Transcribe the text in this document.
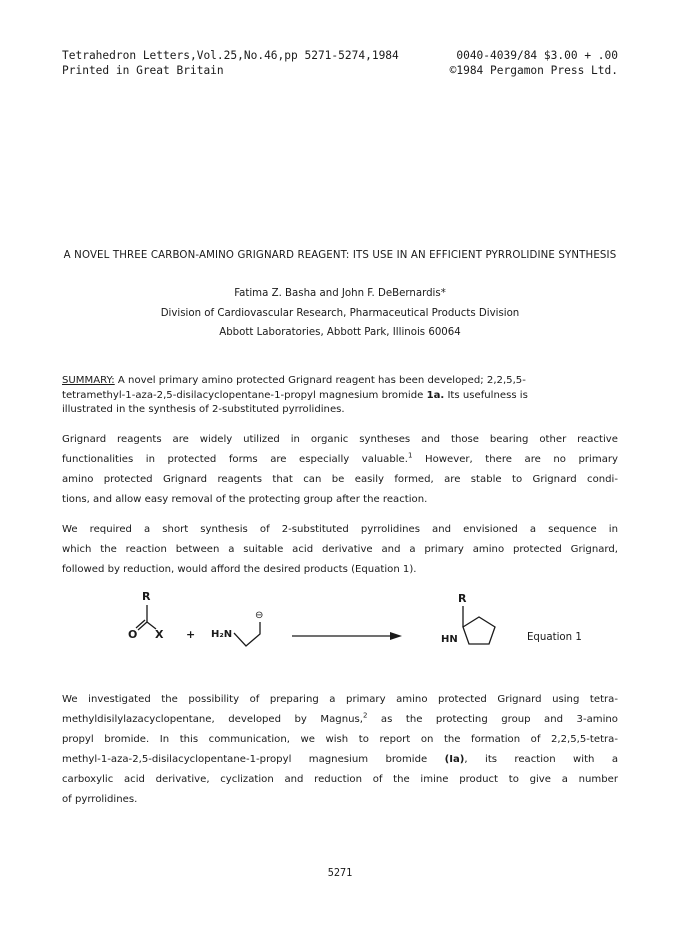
Tetrahedron Letters,Vol.25,No.46,pp 5271-5274,1984	0040-4039/84 $3.00 + .00
Printed in Great Britain	©1984 Pergamon Press Ltd.
A NOVEL THREE CARBON-AMINO GRIGNARD REAGENT: ITS USE IN AN EFFICIENT PYRROLIDINE SYNTHESIS
Fatima Z. Basha and John F. DeBernardis*
Division of Cardiovascular Research, Pharmaceutical Products Division
Abbott Laboratories, Abbott Park, Illinois 60064
SUMMARY: A novel primary amino protected Grignard reagent has been developed; 2,2,5,5-
tetramethyl-1-aza-2,5-disilacyclopentane-1-propyl magnesium bromide 1a. Its usefulness is
illustrated in the synthesis of 2-substituted pyrrolidines.
Grignard reagents are widely utilized in organic syntheses and those bearing other reactive
functionalities in protected forms are especially valuable.$^1$ However, there are no primary
amino protected Grignard reagents that can be easily formed, are stable to Grignard condi-
tions, and allow easy removal of the protecting group after the reaction.
We required a short synthesis of 2-substituted pyrrolidines and envisioned a sequence in
which the reaction between a suitable acid derivative and a primary amino protected Grignard,
followed by reduction, would afford the desired products (Equation 1).
R
O X + H₂N
⊖
R
HN	Equation 1
We investigated the possibility of preparing a primary amino protected Grignard using tetra-
methyldisilylazacyclopentane, developed by Magnus,$^2$ as the protecting group and 3-amino
propyl bromide. In this communication, we wish to report on the formation of 2,2,5,5-tetra-
methyl-1-aza-2,5-disilacyclopentane-1-propyl magnesium bromide (Ia), its reaction with a
carboxylic acid derivative, cyclization and reduction of the imine product to give a number
of pyrrolidines.
5271
